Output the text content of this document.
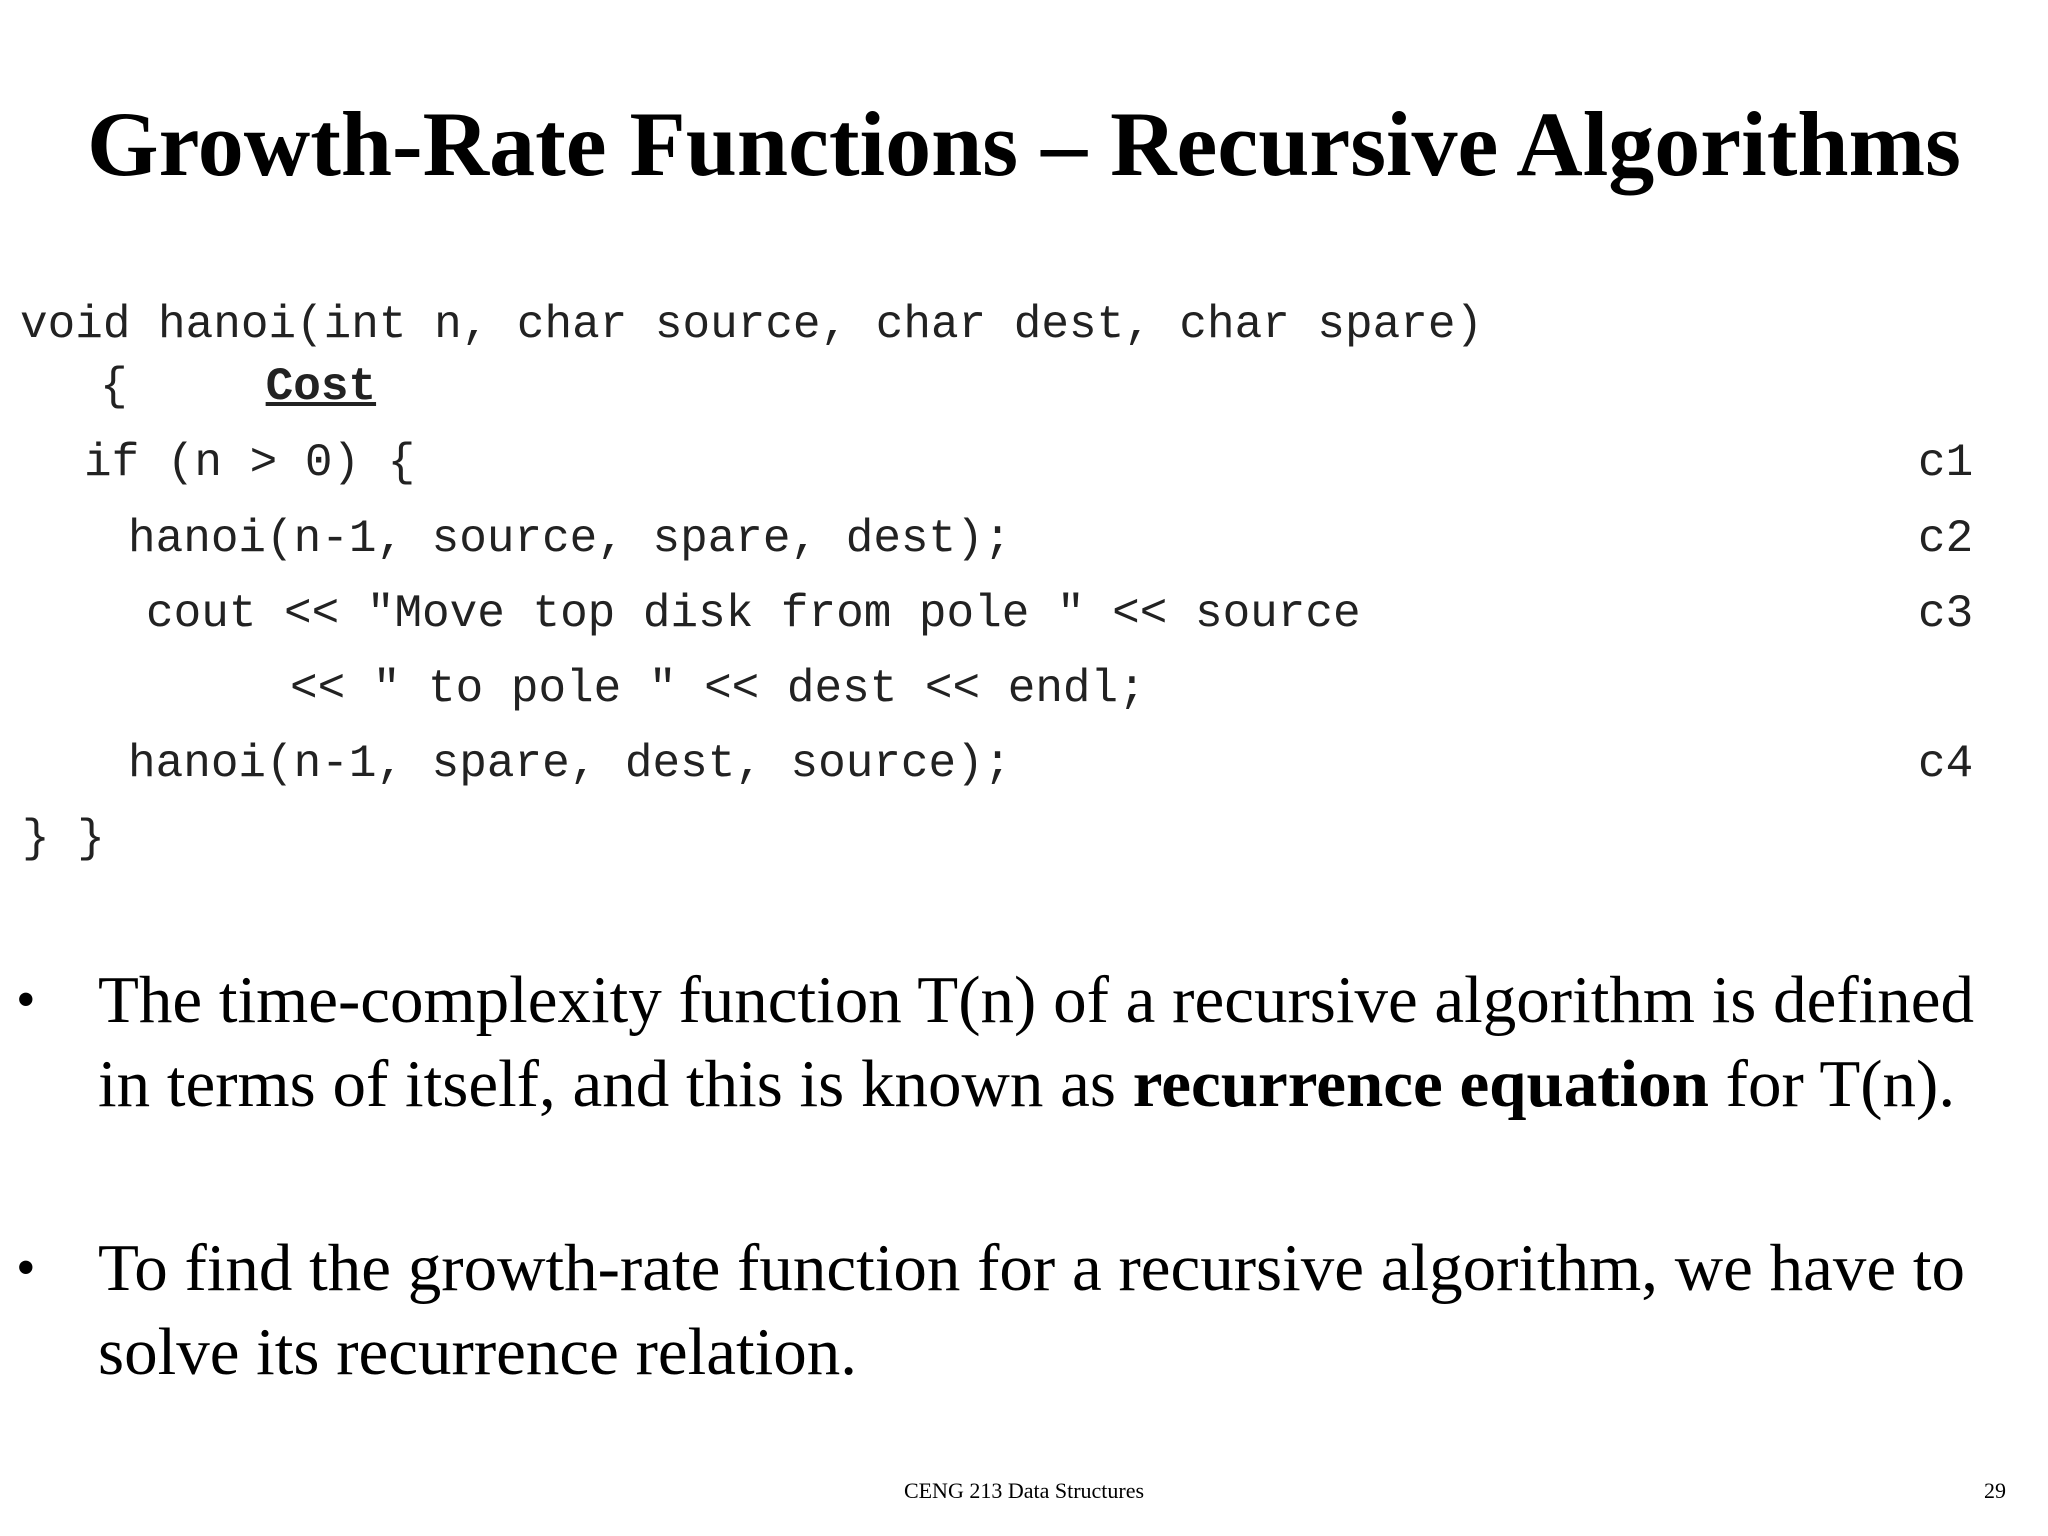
Growth-Rate Functions – Recursive Algorithms
void hanoi(int n, char source, char dest, char spare)
{	Cost
if (n > 0) {	c1
hanoi(n-1, source, spare, dest);	c2
cout << "Move top disk from pole " << source	c3
<< " to pole " << dest << endl;
hanoi(n-1, spare, dest, source);	c4
} }
• The time-complexity function T(n) of a recursive algorithm is defined in terms of itself, and this is known as recurrence equation for T(n).

• To find the growth-rate function for a recursive algorithm, we have to solve its recurrence relation.

CENG 213 Data Structures	29
